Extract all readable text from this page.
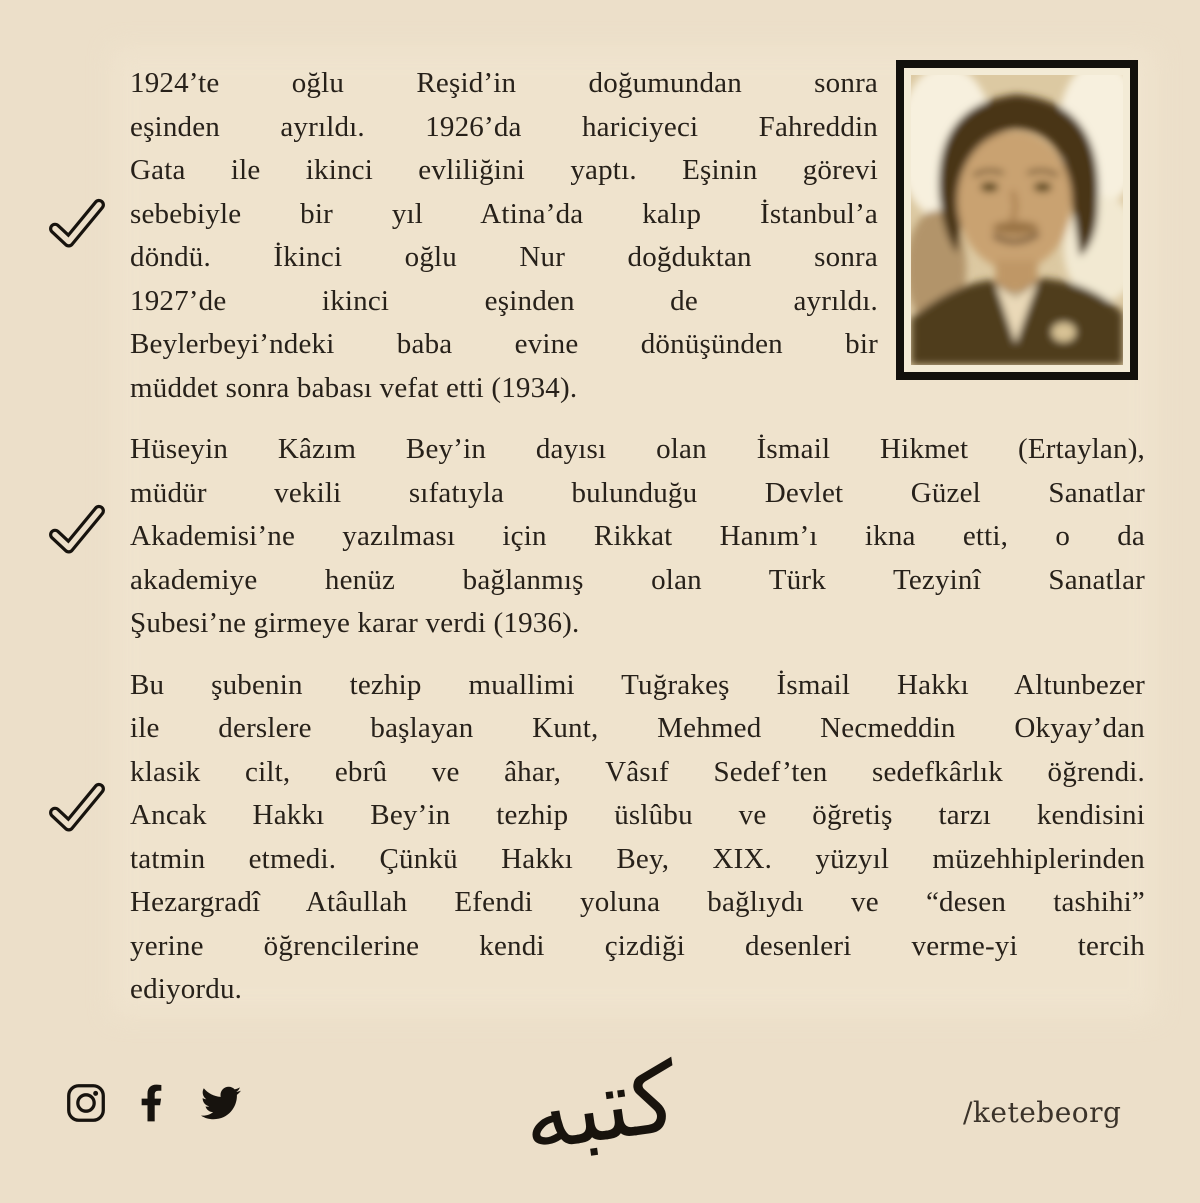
1924’te oğlu Reşid’in doğumundan sonra
eşinden ayrıldı. 1926’da hariciyeci Fahreddin
Gata ile ikinci evliliğini yaptı. Eşinin görevi
sebebiyle bir yıl Atina’da kalıp İstanbul’a
döndü. İkinci oğlu Nur doğduktan sonra
1927’de ikinci eşinden de ayrıldı.
Beylerbeyi’ndeki baba evine dönüşünden bir
müddet sonra babası vefat etti (1934).
Hüseyin Kâzım Bey’in dayısı olan İsmail Hikmet (Ertaylan),
müdür vekili sıfatıyla bulunduğu Devlet Güzel Sanatlar
Akademisi’ne yazılması için Rikkat Hanım’ı ikna etti, o da
akademiye henüz bağlanmış olan Türk Tezyinî Sanatlar
Şubesi’ne girmeye karar verdi (1936).
Bu şubenin tezhip muallimi Tuğrakeş İsmail Hakkı Altunbezer
ile derslere başlayan Kunt, Mehmed Necmeddin Okyay’dan
klasik cilt, ebrû ve âhar, Vâsıf Sedef’ten sedefkârlık öğrendi.
Ancak Hakkı Bey’in tezhip üslûbu ve öğretiş tarzı kendisini
tatmin etmedi. Çünkü Hakkı Bey, XIX. yüzyıl müzehhiplerinden
Hezargradî Atâullah Efendi yoluna bağlıydı ve “desen tashihi”
yerine öğrencilerine kendi çizdiği desenleri verme-yi tercih
ediyordu.
كتبه	/ketebeorg
